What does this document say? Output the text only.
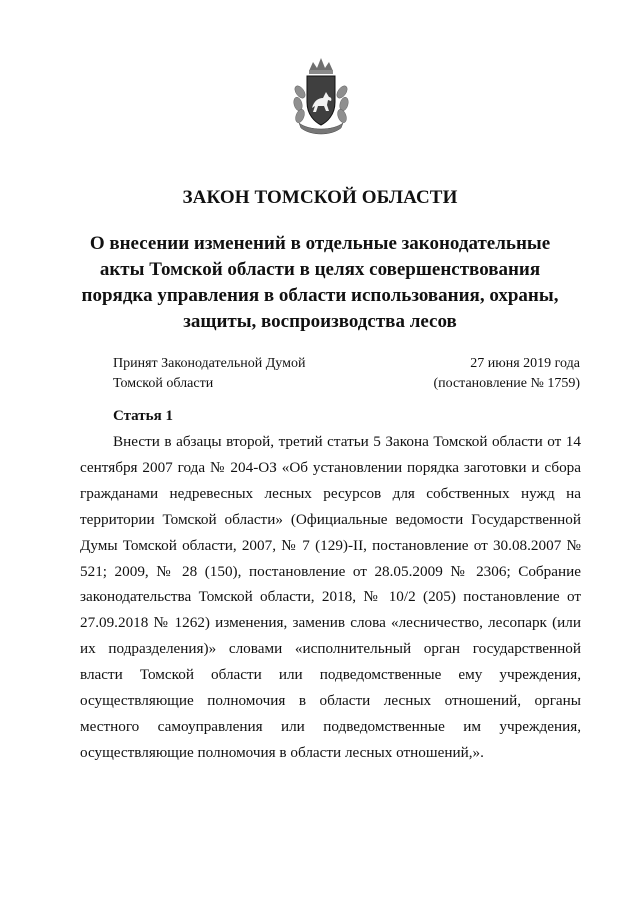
ЗАКОН ТОМСКОЙ ОБЛАСТИ
О внесении изменений в отдельные законодательные
акты Томской области в целях совершенствования
порядка управления в области использования, охраны,
защиты, воспроизводства лесов
Принят Законодательной Думой
Томской области
27 июня 2019 года
(постановление № 1759)
Статья 1
Внести в абзацы второй, третий статьи 5 Закона Томской области от 14 сентября 2007 года № 204-ОЗ «Об установлении порядка заготовки и сбора гражданами недревесных лесных ресурсов для собственных нужд на территории Томской области» (Официальные ведомости Государственной Думы Томской области, 2007, № 7 (129)-II, постановление от 30.08.2007 № 521; 2009, № 28 (150), постановление от 28.05.2009 № 2306; Собрание законодательства Томской области, 2018, № 10/2 (205) постановление от 27.09.2018 № 1262) изменения, заменив слова «лесничество, лесопарк (или их подразделения)» словами «исполнительный орган государственной власти Томской области или подведомственные ему учреждения, осуществляющие полномочия в области лесных отношений, органы местного самоуправления или подведомственные им учреждения, осуществляющие полномочия в области лесных отношений,».
